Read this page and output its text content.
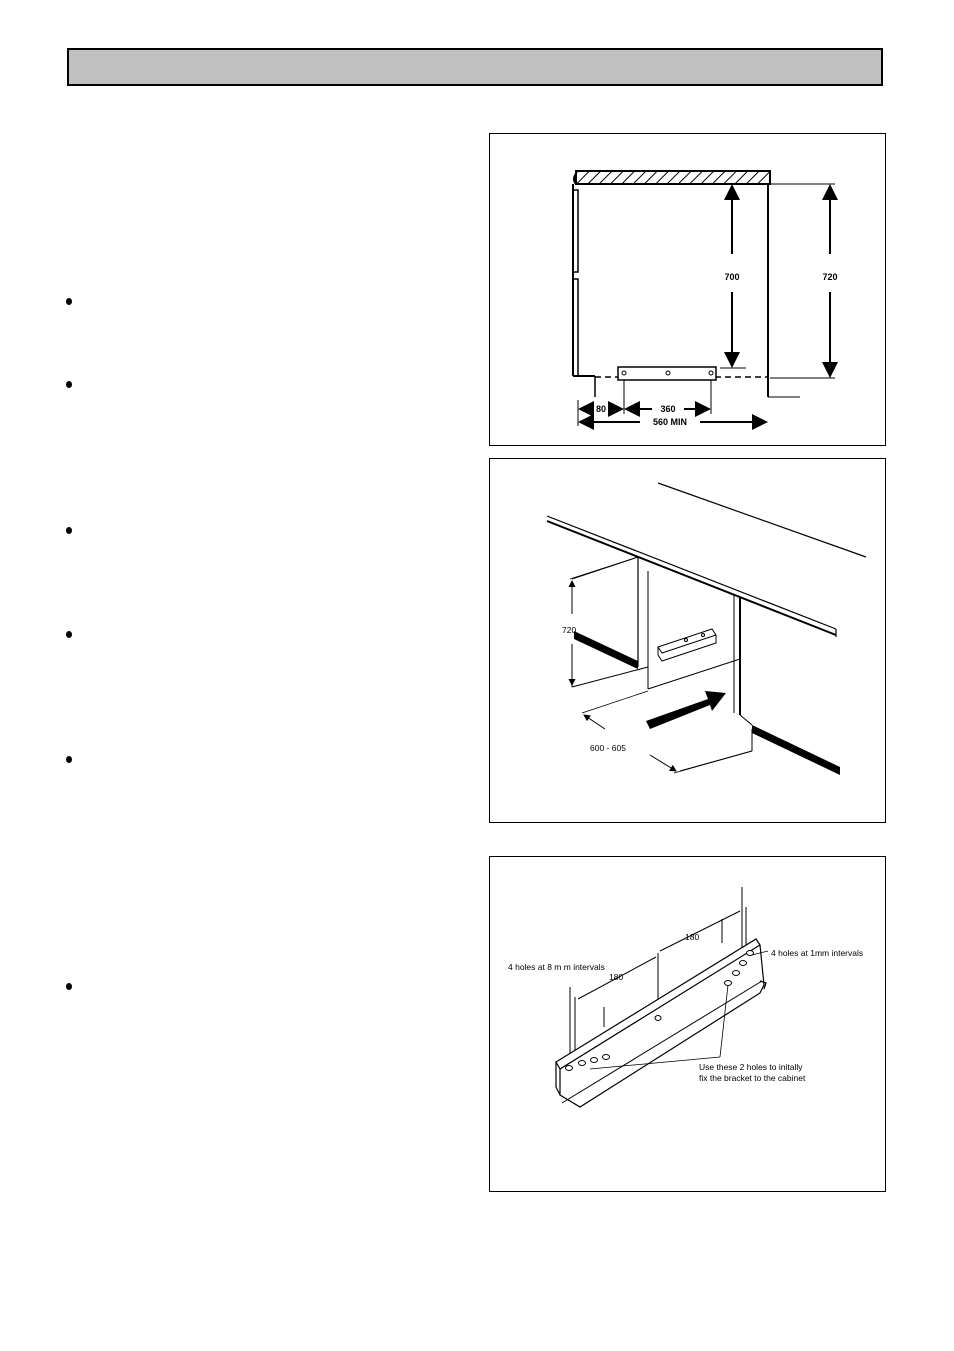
700	720
80	360
560 MIN
720
600 - 605
180
180
4 holes at 8 m m intervals
4 holes at 1mm intervals
Use these 2 holes to initally
fix the bracket to the cabinet
